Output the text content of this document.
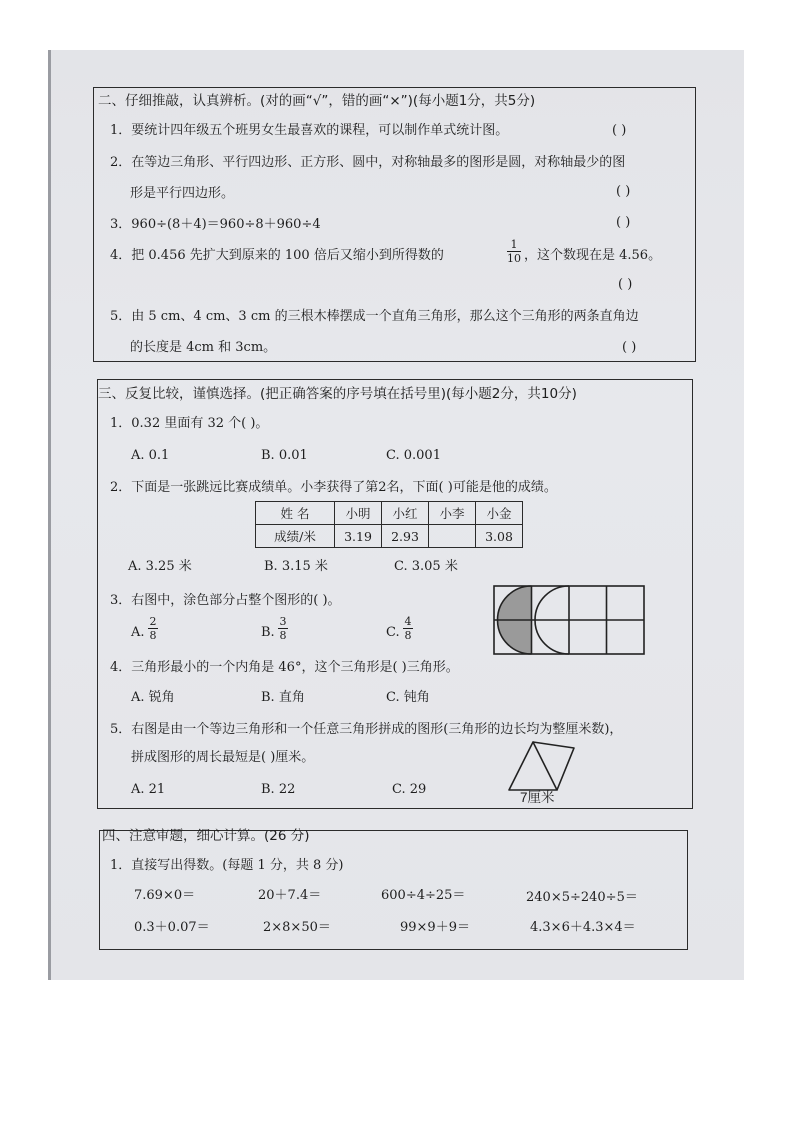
二、仔细推敲，认真辨析。(对的画“√”，错的画“×”)(每小题1分，共5分)
1．要统计四年级五个班男女生最喜欢的课程，可以制作单式统计图。	( )
2．在等边三角形、平行四边形、正方形、圆中，对称轴最多的图形是圆，对称轴最少的图
形是平行四边形。	( )
3．960÷(8＋4)＝960÷8＋960÷4	( )
4．把 0.456 先扩大到原来的 100 倍后又缩小到所得数的
1
10 ，这个数现在是 4.56。
( )
5．由 5 cm、4 cm、3 cm 的三根木棒摆成一个直角三角形，那么这个三角形的两条直角边
的长度是 4cm 和 3cm。	( )
三、反复比较，谨慎选择。(把正确答案的序号填在括号里)(每小题2分，共10分)
1．0.32 里面有 32 个( )。
A. 0.1	B. 0.01	C. 0.001
2．下面是一张跳远比赛成绩单。小李获得了第2名，下面( )可能是他的成绩。
姓 名	小明	小红	小李	小金
成绩/米	3.19	2.93		3.08
A. 3.25 米	B. 3.15 米	C. 3.05 米
3．右图中，涂色部分占整个图形的( )。
A.
2
8	B.
3
8	C.
4
8
4．三角形最小的一个内角是 46°，这个三角形是( )三角形。
A. 锐角	B. 直角	C. 钝角
5．右图是由一个等边三角形和一个任意三角形拼成的图形(三角形的边长均为整厘米数)，
拼成图形的周长最短是( )厘米。
7厘米
A. 21	B. 22	C. 29
四、注意审题，细心计算。(26 分)
1．直接写出得数。(每题 1 分，共 8 分)
7.69×0＝	20＋7.4＝	600÷4÷25＝	240×5÷240÷5＝
0.3＋0.07＝	2×8×50＝	99×9＋9＝	4.3×6＋4.3×4＝
